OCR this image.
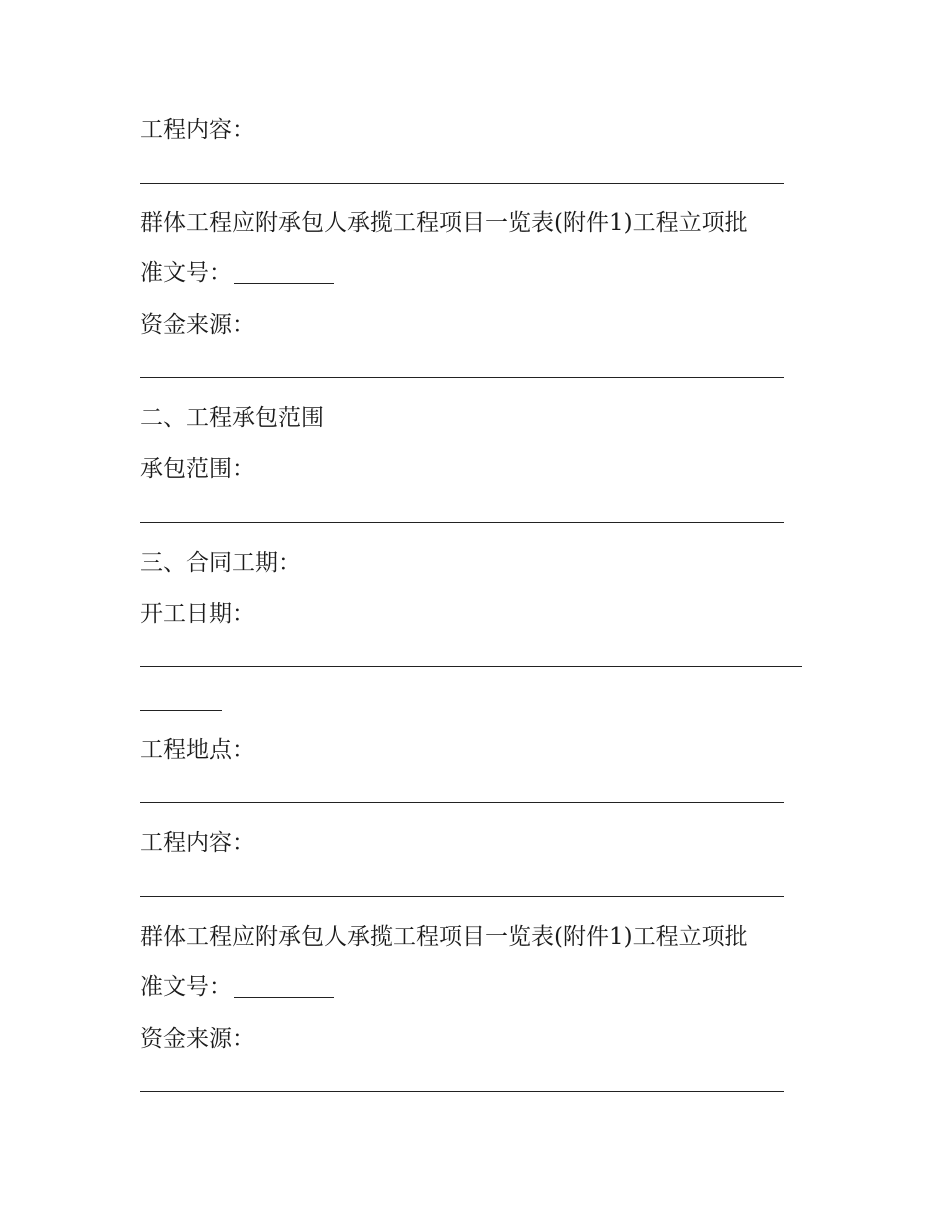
工程内容：
群体工程应附承包人承揽工程项目一览表(附件1)工程立项批
准文号：
资金来源：
二、工程承包范围
承包范围：
三、合同工期：
开工日期：
工程地点：
工程内容：
群体工程应附承包人承揽工程项目一览表(附件1)工程立项批
准文号：
资金来源：
